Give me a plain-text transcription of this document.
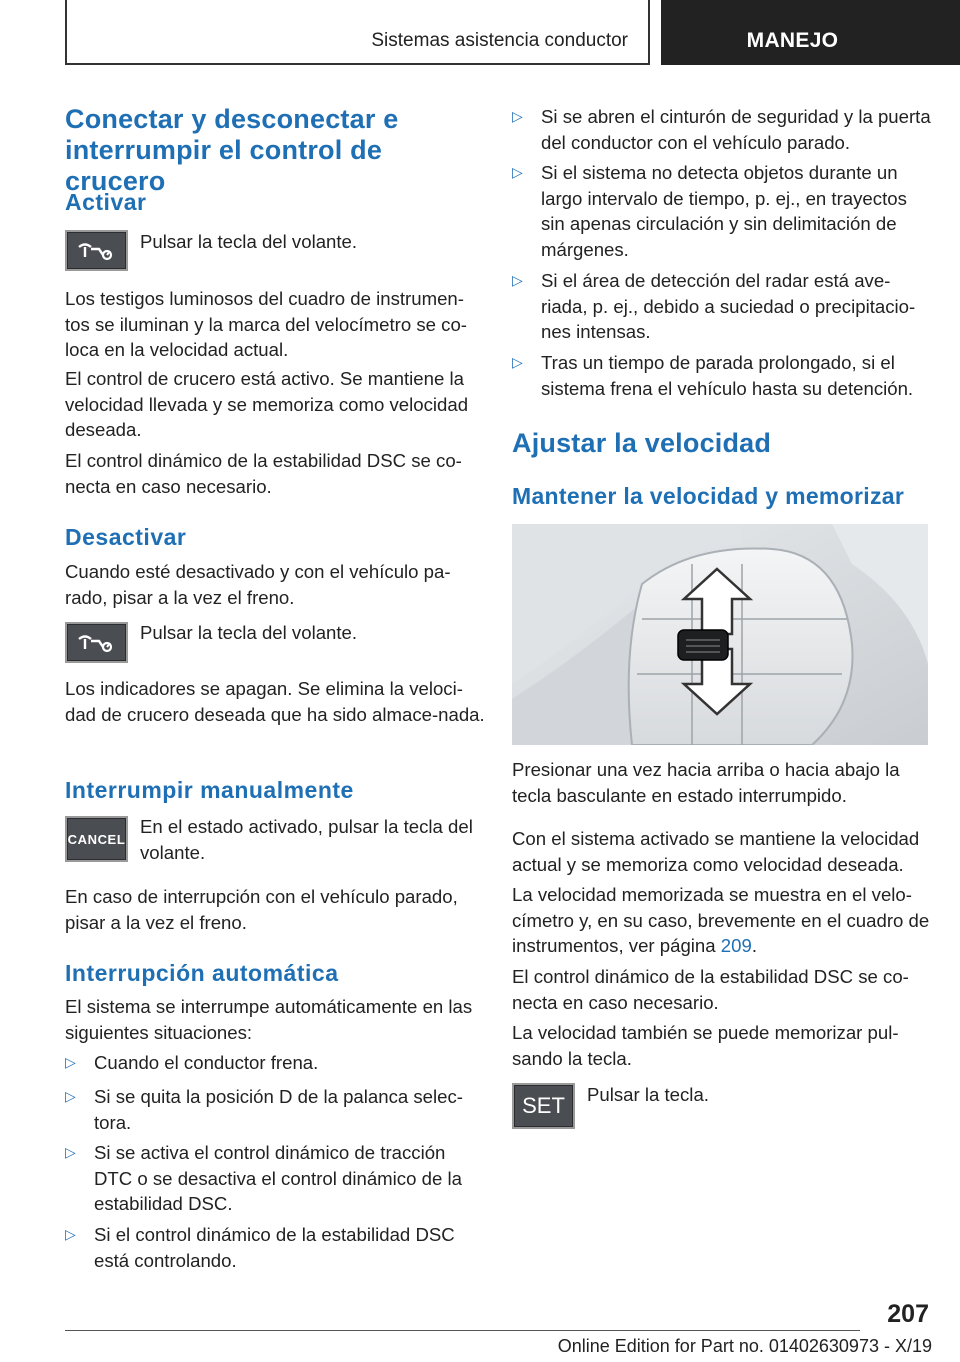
Sistemas asistencia conductor	MANEJO
Conectar y desconectar e interrumpir el control de crucero
Activar
Pulsar la tecla del volante.
Los testigos luminosos del cuadro de instrumen‐tos se iluminan y la marca del velocímetro se co‐loca en la velocidad actual.
El control de crucero está activo. Se mantiene la velocidad llevada y se memoriza como velocidad deseada.
El control dinámico de la estabilidad DSC se co‐necta en caso necesario.
Desactivar
Cuando esté desactivado y con el vehículo pa‐rado, pisar a la vez el freno.
Pulsar la tecla del volante.
Los indicadores se apagan. Se elimina la veloci‐dad de crucero deseada que ha sido almace‐nada.
Interrumpir manualmente
CANCEL
En el estado activado, pulsar la tecla del volante.
En caso de interrupción con el vehículo parado, pisar a la vez el freno.
Interrupción automática
El sistema se interrumpe automáticamente en las siguientes situaciones:
▷ Cuando el conductor frena.
▷ Si se quita la posición D de la palanca selec‐tora.
▷ Si se activa el control dinámico de tracción DTC o se desactiva el control dinámico de la estabilidad DSC.
▷ Si el control dinámico de la estabilidad DSC está controlando.
▷ Si se abren el cinturón de seguridad y la puerta del conductor con el vehículo parado.
▷ Si el sistema no detecta objetos durante un largo intervalo de tiempo, p. ej., en trayectos sin apenas circulación y sin delimitación de márgenes.
▷ Si el área de detección del radar está ave‐riada, p. ej., debido a suciedad o precipitacio‐nes intensas.
▷ Tras un tiempo de parada prolongado, si el sistema frena el vehículo hasta su detención.
Ajustar la velocidad
Mantener la velocidad y memorizar
Presionar una vez hacia arriba o hacia abajo la tecla basculante en estado interrumpido.
Con el sistema activado se mantiene la velocidad actual y se memoriza como velocidad deseada.
La velocidad memorizada se muestra en el velo‐címetro y, en su caso, brevemente en el cuadro de instrumentos, ver página 209.
El control dinámico de la estabilidad DSC se co‐necta en caso necesario.
La velocidad también se puede memorizar pul‐sando la tecla.
SET Pulsar la tecla.
207
Online Edition for Part no. 01402630973 - X/19
